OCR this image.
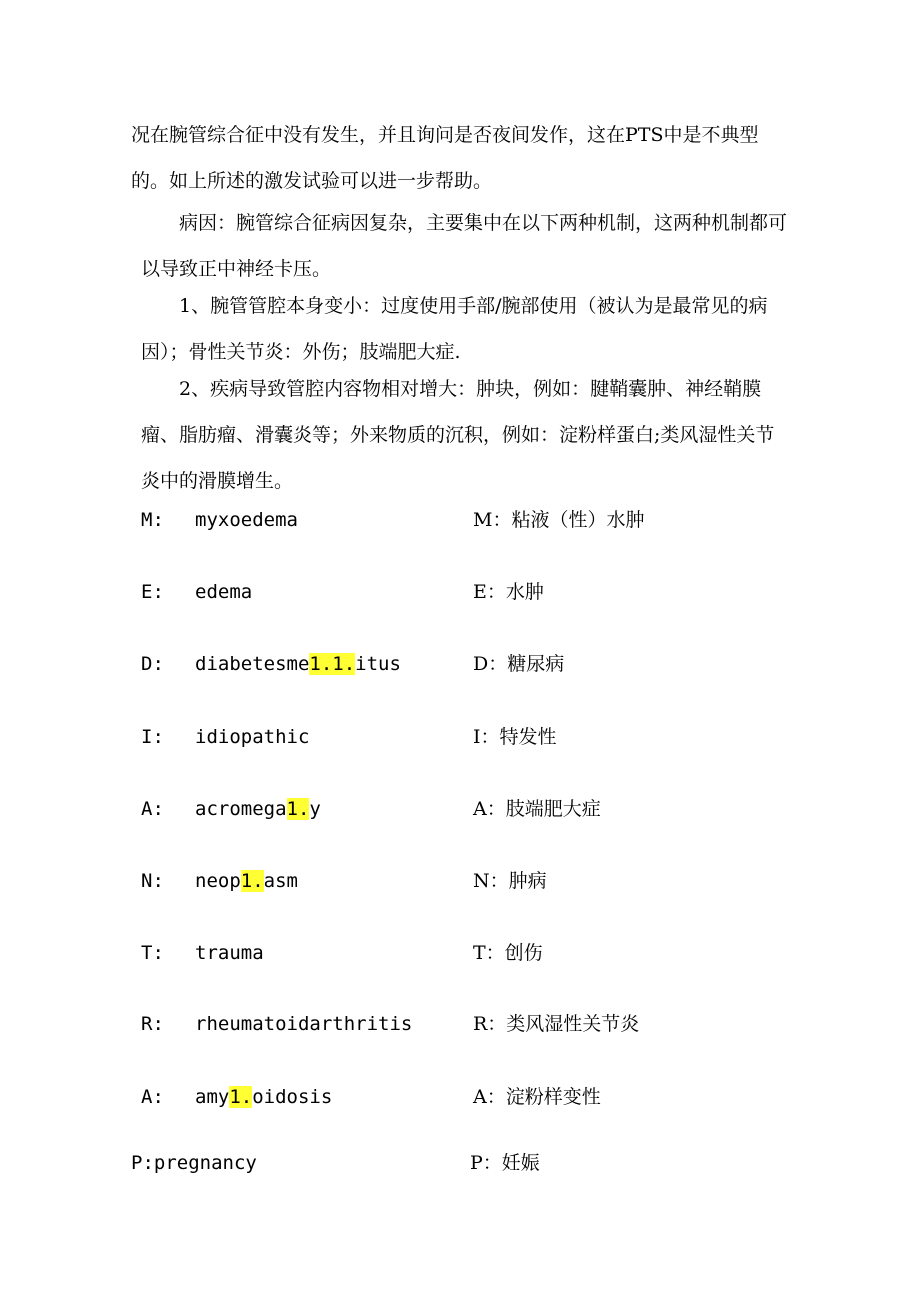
况在腕管综合征中没有发生，并且询问是否夜间发作，这在PTS中是不典型的。如上所述的激发试验可以进一步帮助。

病因：腕管综合征病因复杂，主要集中在以下两种机制，这两种机制都可以导致正中神经卡压。

1、腕管管腔本身变小：过度使用手部/腕部使用（被认为是最常见的病因）；骨性关节炎：外伤；肢端肥大症.

2、疾病导致管腔内容物相对增大：肿块，例如：腱鞘囊肿、神经鞘膜瘤、脂肪瘤、滑囊炎等；外来物质的沉积，例如：淀粉样蛋白;类风湿性关节炎中的滑膜增生。

M: myxoedema	M：粘液（性）水肿
E: edema	E：水肿
D: diabetesme1.1.itus	D：糖尿病
I: idiopathic	I：特发性
A: acromega1.y	A：肢端肥大症
N: neop1.asm	N：肿病
T: trauma	T：创伤
R: rheumatoidarthritis	R：类风湿性关节炎
A: amy1.oidosis	A：淀粉样变性
P:pregnancy	P：妊娠
